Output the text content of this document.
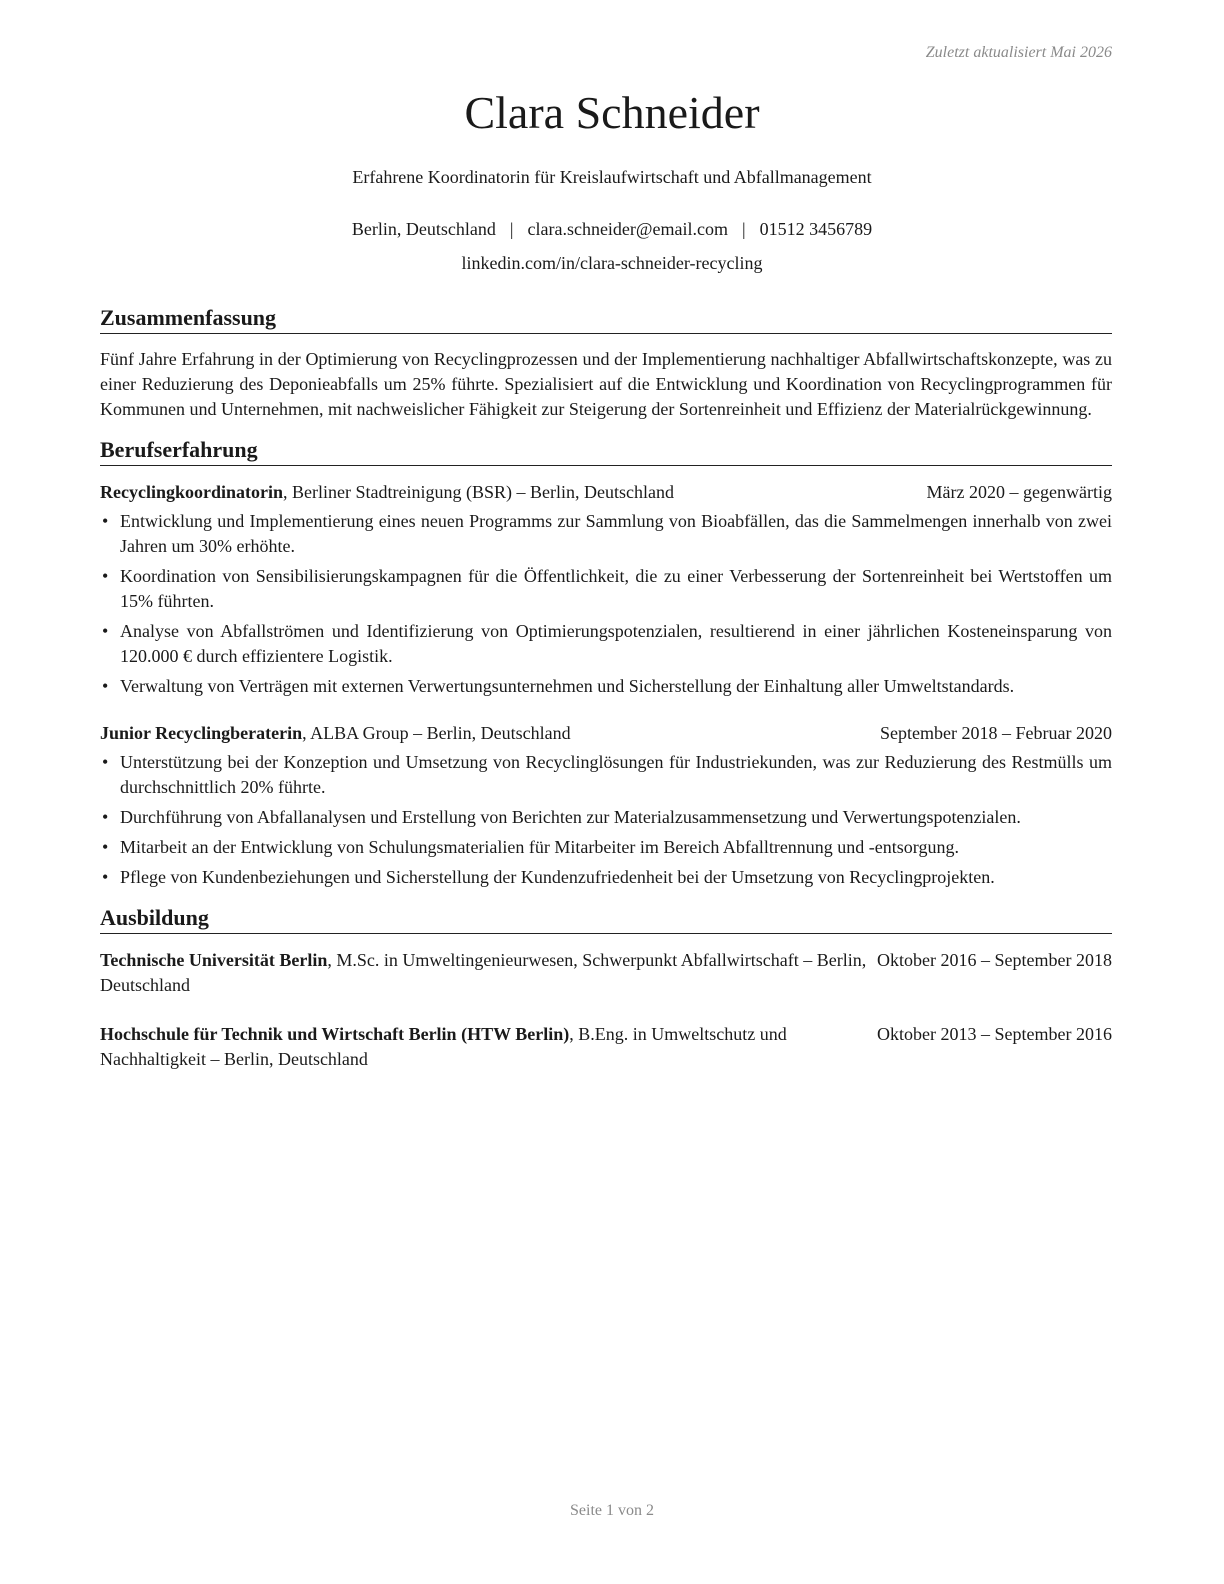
Zuletzt aktualisiert Mai 2026
Clara Schneider
Erfahrene Koordinatorin für Kreislaufwirtschaft und Abfallmanagement
Berlin, Deutschland | clara.schneider@email.com | 01512 3456789
linkedin.com/in/clara-schneider-recycling
Zusammenfassung

Fünf Jahre Erfahrung in der Optimierung von Recyclingprozessen und der Implementierung nachhaltiger Abfallwirtschaftskonzepte, was zu einer Reduzierung des Deponieabfalls um 25% führte. Spezialisiert auf die Entwicklung und Koordination von Recyclingprogrammen für Kommunen und Unternehmen, mit nachweislicher Fähigkeit zur Steigerung der Sortenreinheit und Effizienz der Materialrückgewinnung.

Berufserfahrung
Recyclingkoordinatorin, Berliner Stadtreinigung (BSR) – Berlin, Deutschland	März 2020 – gegenwärtig
• Entwicklung und Implementierung eines neuen Programms zur Sammlung von Bioabfällen, das die Sammelmengen innerhalb von zwei Jahren um 30% erhöhte.
• Koordination von Sensibilisierungskampagnen für die Öffentlichkeit, die zu einer Verbesserung der Sortenreinheit bei Wertstoffen um 15% führten.
• Analyse von Abfallströmen und Identifizierung von Optimierungspotenzialen, resultierend in einer jährlichen Kosteneinsparung von 120.000 € durch effizientere Logistik.
• Verwaltung von Verträgen mit externen Verwertungsunternehmen und Sicherstellung der Einhaltung aller Umweltstandards.
Junior Recyclingberaterin, ALBA Group – Berlin, Deutschland	September 2018 – Februar 2020
• Unterstützung bei der Konzeption und Umsetzung von Recyclinglösungen für Industriekunden, was zur Reduzierung des Restmülls um durchschnittlich 20% führte.
• Durchführung von Abfallanalysen und Erstellung von Berichten zur Materialzusammensetzung und Verwertungspotenzialen.
• Mitarbeit an der Entwicklung von Schulungsmaterialien für Mitarbeiter im Bereich Abfalltrennung und -entsorgung.
• Pflege von Kundenbeziehungen und Sicherstellung der Kundenzufriedenheit bei der Umsetzung von Recyclingprojekten.
Ausbildung
Technische Universität Berlin, M.Sc. in Umweltingenieurwesen, Schwerpunkt Abfallwirtschaft – Berlin, Deutschland
Oktober 2016 – September 2018
Hochschule für Technik und Wirtschaft Berlin (HTW Berlin), B.Eng. in Umweltschutz und Nachhaltigkeit – Berlin, Deutschland
Oktober 2013 – September 2016
Seite 1 von 2
